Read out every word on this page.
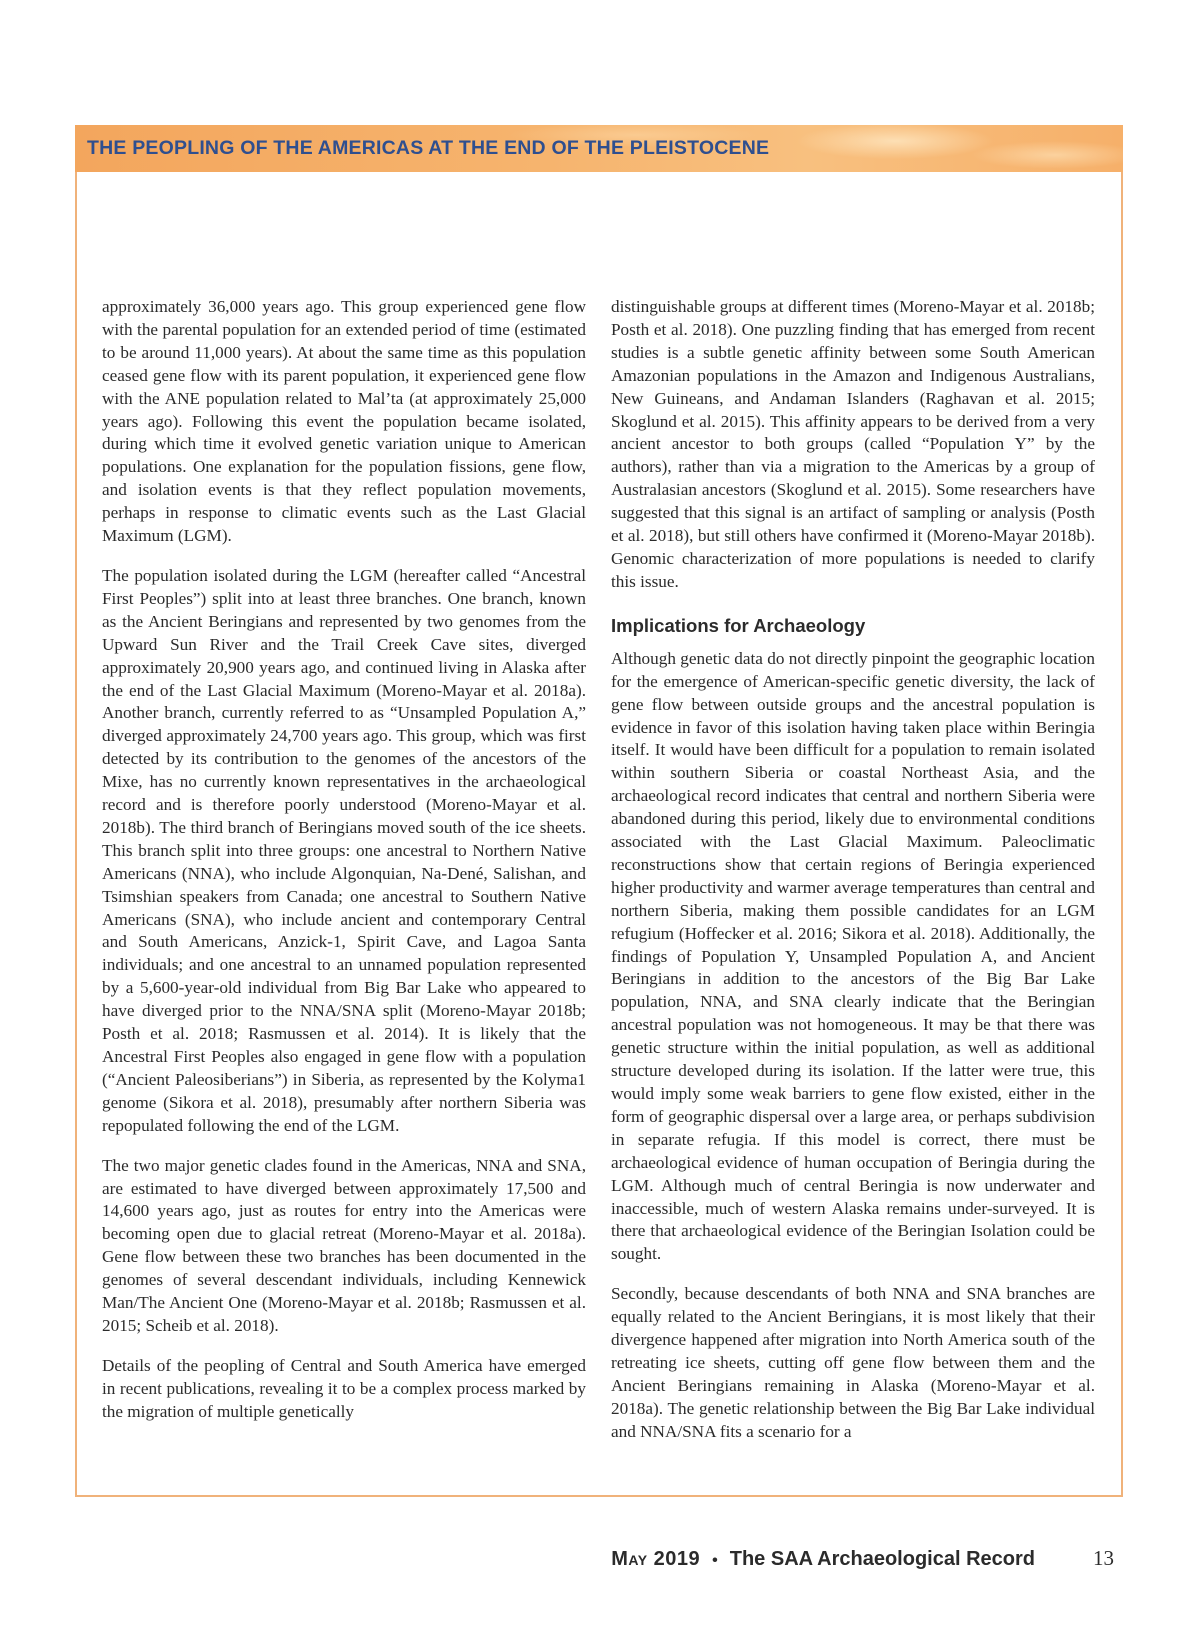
THE PEOPLING OF THE AMERICAS AT THE END OF THE PLEISTOCENE

approximately 36,000 years ago. This group experienced gene flow with the parental population for an extended period of time (estimated to be around 11,000 years). At about the same time as this population ceased gene flow with its parent population, it experienced gene flow with the ANE population related to Mal’ta (at approximately 25,000 years ago). Following this event the population became isolated, during which time it evolved genetic variation unique to American populations. One explanation for the population fissions, gene flow, and isolation events is that they reflect population movements, perhaps in response to climatic events such as the Last Glacial Maximum (LGM).

The population isolated during the LGM (hereafter called “Ancestral First Peoples”) split into at least three branches. One branch, known as the Ancient Beringians and represented by two genomes from the Upward Sun River and the Trail Creek Cave sites, diverged approximately 20,900 years ago, and continued living in Alaska after the end of the Last Glacial Maximum (Moreno-Mayar et al. 2018a). Another branch, currently referred to as “Unsampled Population A,” diverged approximately 24,700 years ago. This group, which was first detected by its contribution to the genomes of the ancestors of the Mixe, has no currently known representatives in the archaeological record and is therefore poorly understood (Moreno-Mayar et al. 2018b). The third branch of Beringians moved south of the ice sheets. This branch split into three groups: one ancestral to Northern Native Americans (NNA), who include Algonquian, Na-Dené, Salishan, and Tsimshian speakers from Canada; one ancestral to Southern Native Americans (SNA), who include ancient and contemporary Central and South Americans, Anzick-1, Spirit Cave, and Lagoa Santa individuals; and one ancestral to an unnamed population represented by a 5,600-year-old individual from Big Bar Lake who appeared to have diverged prior to the NNA/SNA split (Moreno-Mayar 2018b; Posth et al. 2018; Rasmussen et al. 2014). It is likely that the Ancestral First Peoples also engaged in gene flow with a population (“Ancient Paleosiberians”) in Siberia, as represented by the Kolyma1 genome (Sikora et al. 2018), presumably after northern Siberia was repopulated following the end of the LGM.

The two major genetic clades found in the Americas, NNA and SNA, are estimated to have diverged between approximately 17,500 and 14,600 years ago, just as routes for entry into the Americas were becoming open due to glacial retreat (Moreno-Mayar et al. 2018a). Gene flow between these two branches has been documented in the genomes of several descendant individuals, including Kennewick Man/The Ancient One (Moreno-Mayar et al. 2018b; Rasmussen et al. 2015; Scheib et al. 2018).

Details of the peopling of Central and South America have emerged in recent publications, revealing it to be a complex process marked by the migration of multiple genetically

distinguishable groups at different times (Moreno-Mayar et al. 2018b; Posth et al. 2018). One puzzling finding that has emerged from recent studies is a subtle genetic affinity between some South American Amazonian populations in the Amazon and Indigenous Australians, New Guineans, and Andaman Islanders (Raghavan et al. 2015; Skoglund et al. 2015). This affinity appears to be derived from a very ancient ancestor to both groups (called “Population Y” by the authors), rather than via a migration to the Americas by a group of Australasian ancestors (Skoglund et al. 2015). Some researchers have suggested that this signal is an artifact of sampling or analysis (Posth et al. 2018), but still others have confirmed it (Moreno-Mayar 2018b). Genomic characterization of more populations is needed to clarify this issue.

Implications for Archaeology

Although genetic data do not directly pinpoint the geographic location for the emergence of American-specific genetic diversity, the lack of gene flow between outside groups and the ancestral population is evidence in favor of this isolation having taken place within Beringia itself. It would have been difficult for a population to remain isolated within southern Siberia or coastal Northeast Asia, and the archaeological record indicates that central and northern Siberia were abandoned during this period, likely due to environmental conditions associated with the Last Glacial Maximum. Paleoclimatic reconstructions show that certain regions of Beringia experienced higher productivity and warmer average temperatures than central and northern Siberia, making them possible candidates for an LGM refugium (Hoffecker et al. 2016; Sikora et al. 2018). Additionally, the findings of Population Y, Unsampled Population A, and Ancient Beringians in addition to the ancestors of the Big Bar Lake population, NNA, and SNA clearly indicate that the Beringian ancestral population was not homogeneous. It may be that there was genetic structure within the initial population, as well as additional structure developed during its isolation. If the latter were true, this would imply some weak barriers to gene flow existed, either in the form of geographic dispersal over a large area, or perhaps subdivision in separate refugia. If this model is correct, there must be archaeological evidence of human occupation of Beringia during the LGM. Although much of central Beringia is now underwater and inaccessible, much of western Alaska remains under-surveyed. It is there that archaeological evidence of the Beringian Isolation could be sought.

Secondly, because descendants of both NNA and SNA branches are equally related to the Ancient Beringians, it is most likely that their divergence happened after migration into North America south of the retreating ice sheets, cutting off gene flow between them and the Ancient Beringians remaining in Alaska (Moreno-Mayar et al. 2018a). The genetic relationship between the Big Bar Lake individual and NNA/SNA fits a scenario for a

May 2019 • The SAA Archaeological Record	13
